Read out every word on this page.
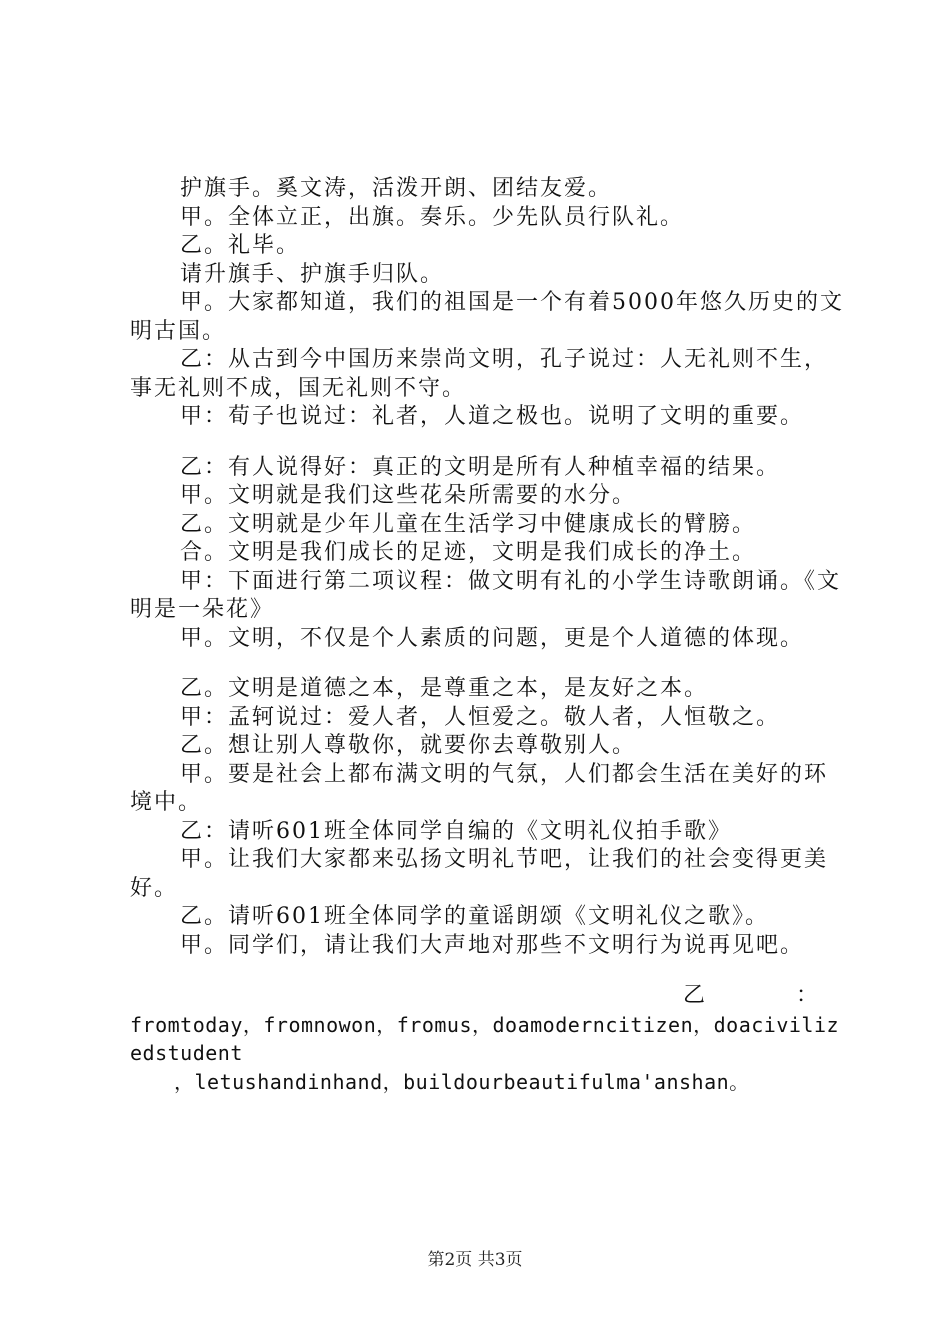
护旗手。奚文涛，活泼开朗、团结友爱。

甲。全体立正，出旗。奏乐。少先队员行队礼。

乙。礼毕。

请升旗手、护旗手归队。

甲。大家都知道，我们的祖国是一个有着5000年悠久历史的文明古国。

乙：从古到今中国历来崇尚文明，孔子说过：人无礼则不生，事无礼则不成，国无礼则不守。

甲：荀子也说过：礼者，人道之极也。说明了文明的重要。

乙：有人说得好：真正的文明是所有人种植幸福的结果。

甲。文明就是我们这些花朵所需要的水分。

乙。文明就是少年儿童在生活学习中健康成长的臂膀。

合。文明是我们成长的足迹，文明是我们成长的净土。

甲：下面进行第二项议程：做文明有礼的小学生诗歌朗诵。《文明是一朵花》

甲。文明，不仅是个人素质的问题，更是个人道德的体现。

乙。文明是道德之本，是尊重之本，是友好之本。

甲：孟轲说过：爱人者，人恒爱之。敬人者，人恒敬之。

乙。想让别人尊敬你，就要你去尊敬别人。

甲。要是社会上都布满文明的气氛，人们都会生活在美好的环境中。

乙：请听601班全体同学自编的《文明礼仪拍手歌》

甲。让我们大家都来弘扬文明礼节吧，让我们的社会变得更美好。

乙。请听601班全体同学的童谣朗颂《文明礼仪之歌》。

甲。同学们，请让我们大声地对那些不文明行为说再见吧。

乙	：

fromtoday，fromnowon，fromus，doamoderncitizen，doacivilizedstudent

，letushandinhand，buildourbeautifulma'anshan。

第2页 共3页
